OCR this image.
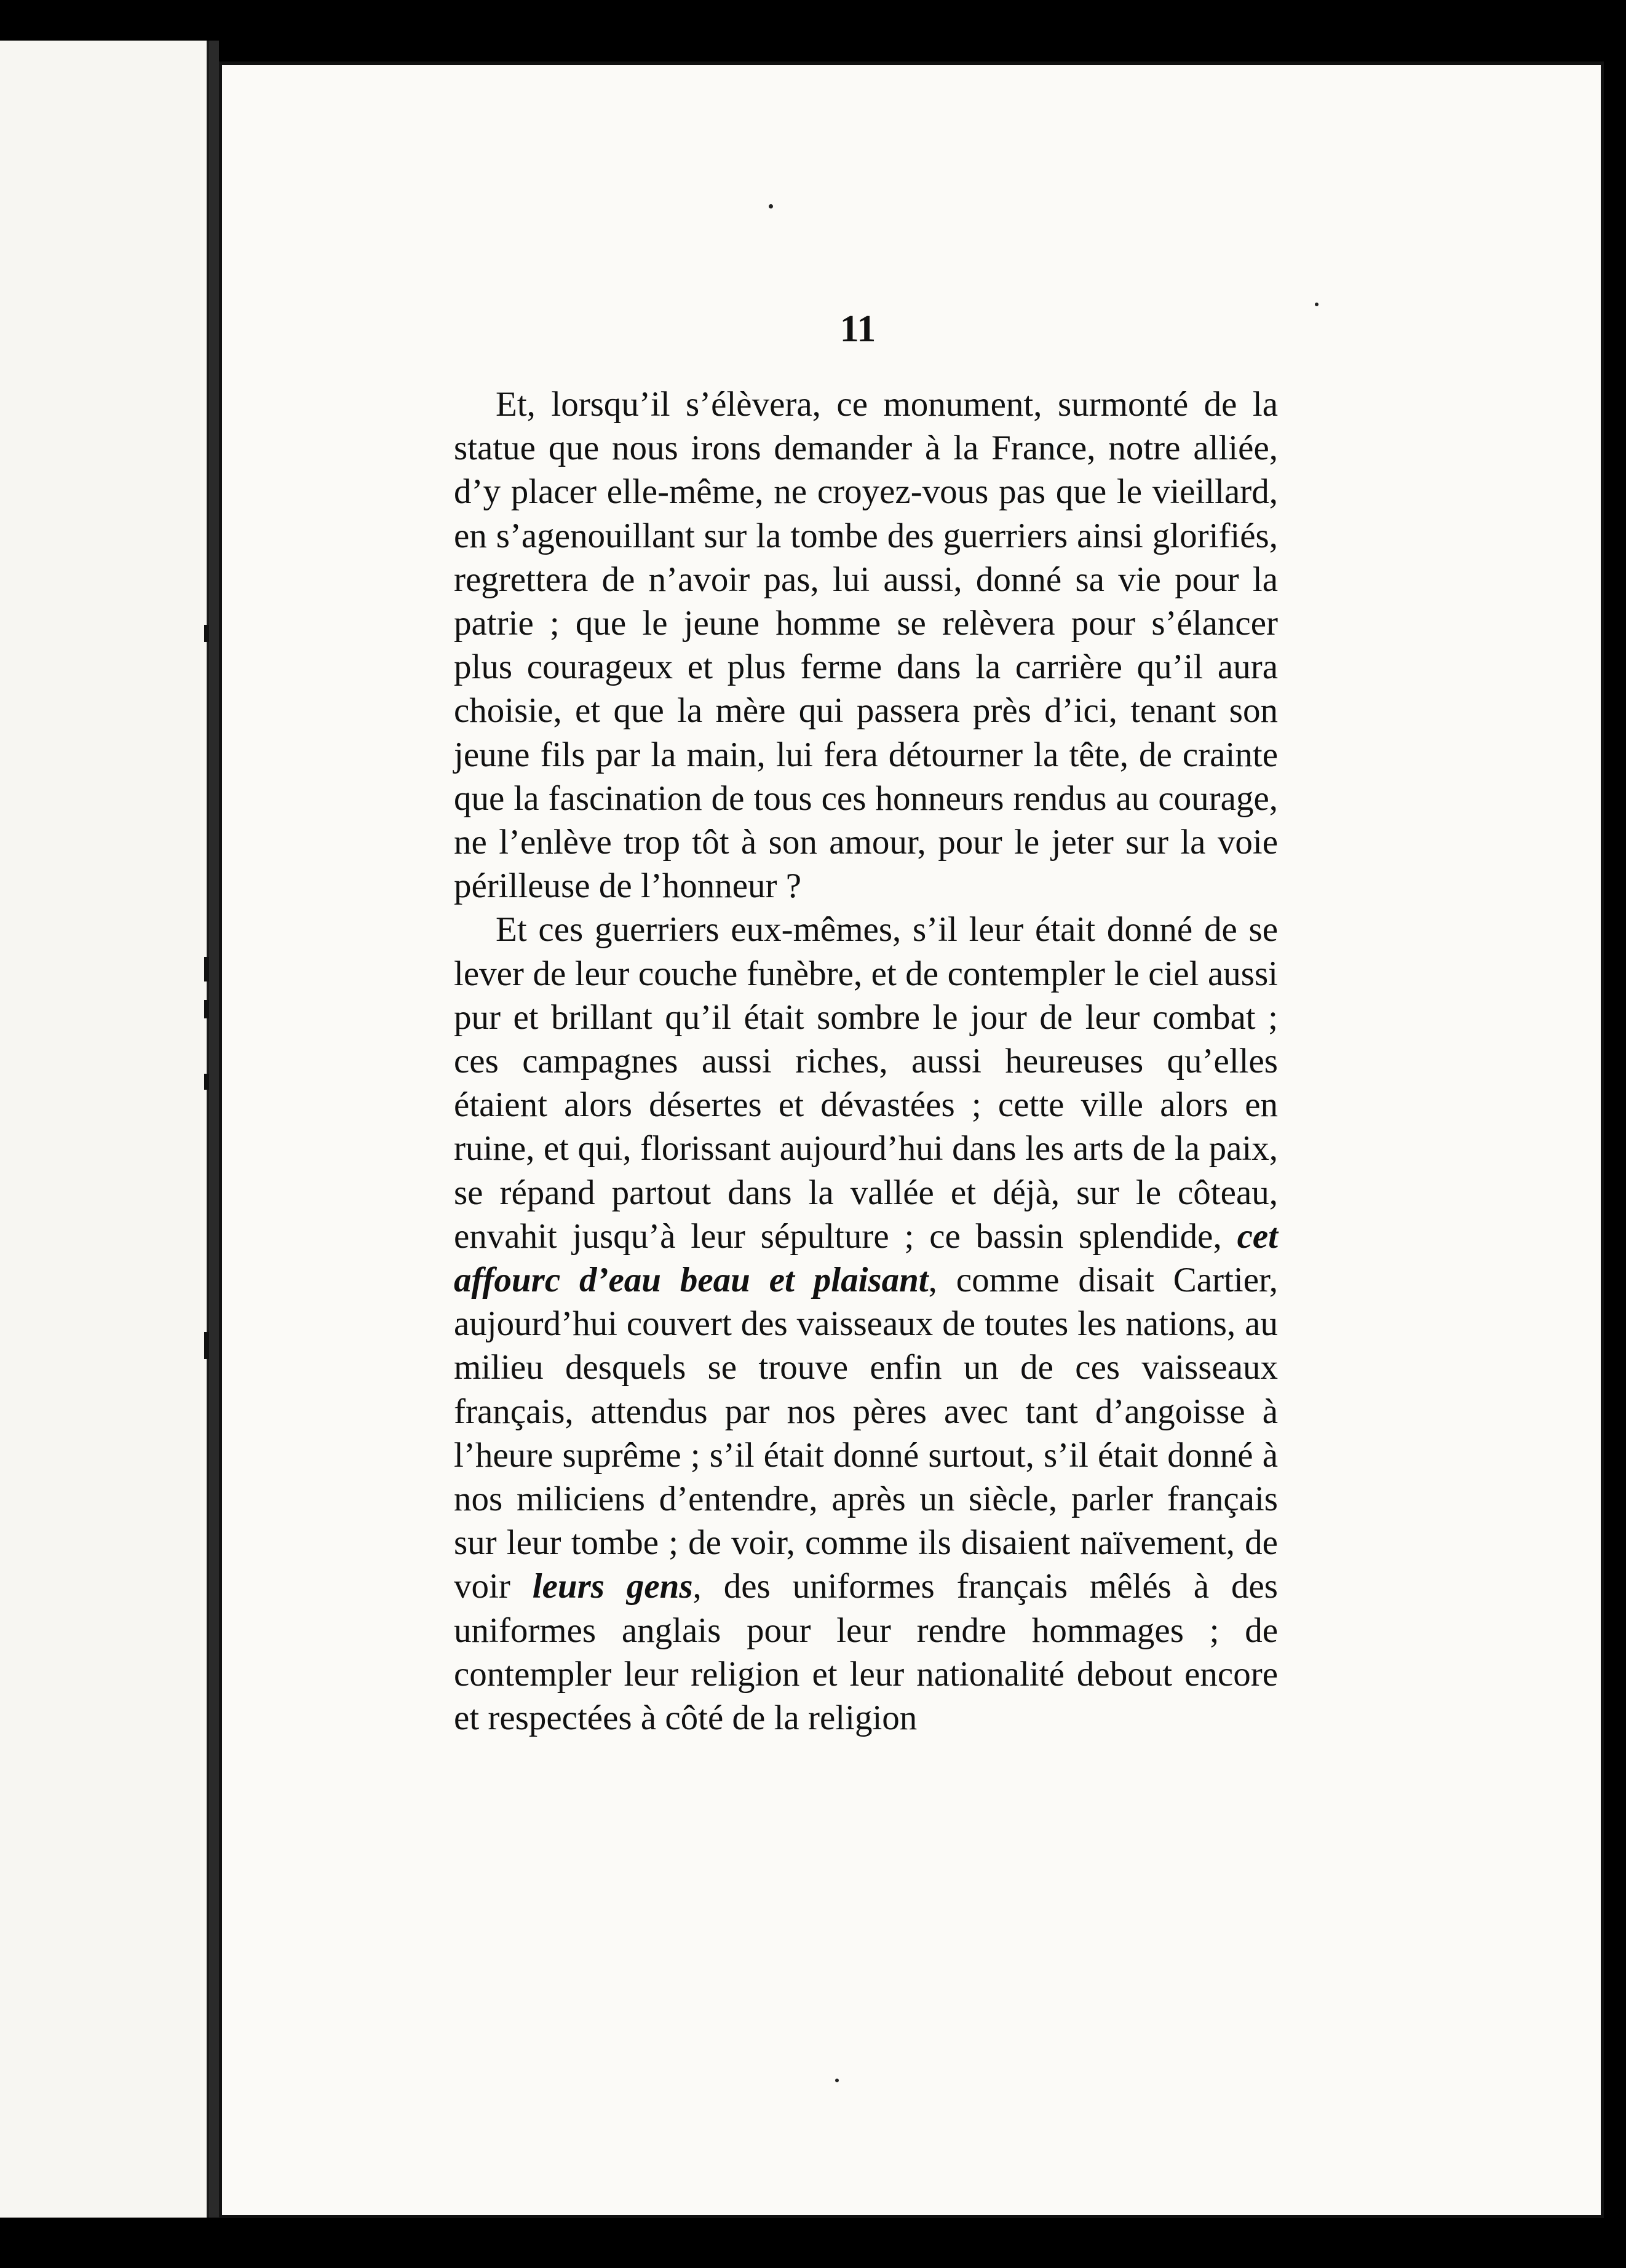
11

Et, lorsqu’il s’élèvera, ce monument, surmonté de la statue que nous irons demander à la France, notre alliée, d’y placer elle-même, ne croyez-vous pas que le vieillard, en s’agenouillant sur la tombe des guerriers ainsi glorifiés, regrettera de n’avoir pas, lui aussi, donné sa vie pour la patrie ; que le jeune homme se relèvera pour s’élancer plus courageux et plus ferme dans la carrière qu’il aura choisie, et que la mère qui passera près d’ici, tenant son jeune fils par la main, lui fera détourner la tête, de crainte que la fascination de tous ces honneurs rendus au courage, ne l’enlève trop tôt à son amour, pour le jeter sur la voie périlleuse de l’honneur ?

Et ces guerriers eux-mêmes, s’il leur était donné de se lever de leur couche funèbre, et de contempler le ciel aussi pur et brillant qu’il était sombre le jour de leur combat ; ces campagnes aussi riches, aussi heureuses qu’elles étaient alors désertes et dévastées ; cette ville alors en ruine, et qui, florissant aujourd’hui dans les arts de la paix, se répand partout dans la vallée et déjà, sur le côteau, envahit jusqu’à leur sépulture ; ce bassin splendide, cet affourc d’eau beau et plaisant, comme disait Cartier, aujourd’hui couvert des vaisseaux de toutes les nations, au milieu desquels se trouve enfin un de ces vaisseaux français, attendus par nos pères avec tant d’angoisse à l’heure suprême ; s’il était donné surtout, s’il était donné à nos miliciens d’entendre, après un siècle, parler français sur leur tombe ; de voir, comme ils disaient naïvement, de voir leurs gens, des uniformes français mêlés à des uniformes anglais pour leur rendre hommages ; de contempler leur religion et leur nationalité debout encore et respectées à côté de la religion
